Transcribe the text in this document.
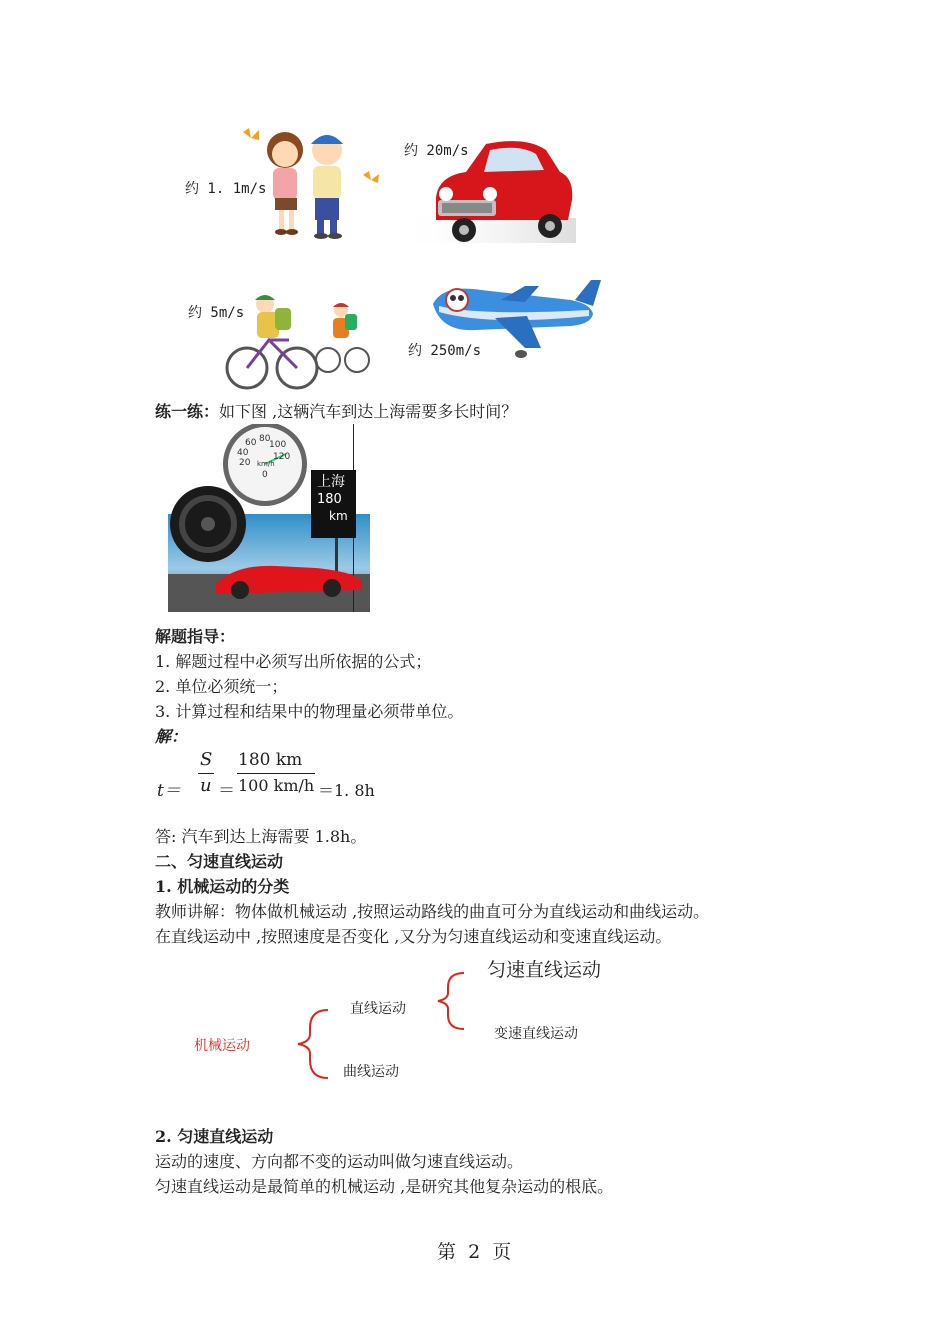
约 1. 1m/s
约 20m/s
约 5m/s
约 250m/s
练一练：如下图 ,这辆汽车到达上海需要多长时间？
20
40
60 80
100
120
0
km/h
上海
180
km
解题指导：
1. 解题过程中必须写出所依据的公式；
2. 单位必须统一；
3. 计算过程和结果中的物理量必须带单位。
解：
t＝
S
u ＝
180 km
100 km/h ＝1. 8h
答: 汽车到达上海需要 1.8h。
二、匀速直线运动
1. 机械运动的分类
教师讲解：物体做机械运动 ,按照运动路线的曲直可分为直线运动和曲线运动。
在直线运动中 ,按照速度是否变化 ,又分为匀速直线运动和变速直线运动。
机械运动
直线运动
曲线运动
匀速直线运动
变速直线运动
2. 匀速直线运动
运动的速度、方向都不变的运动叫做匀速直线运动。
匀速直线运动是最简单的机械运动 ,是研究其他复杂运动的根底。
第  2  页
